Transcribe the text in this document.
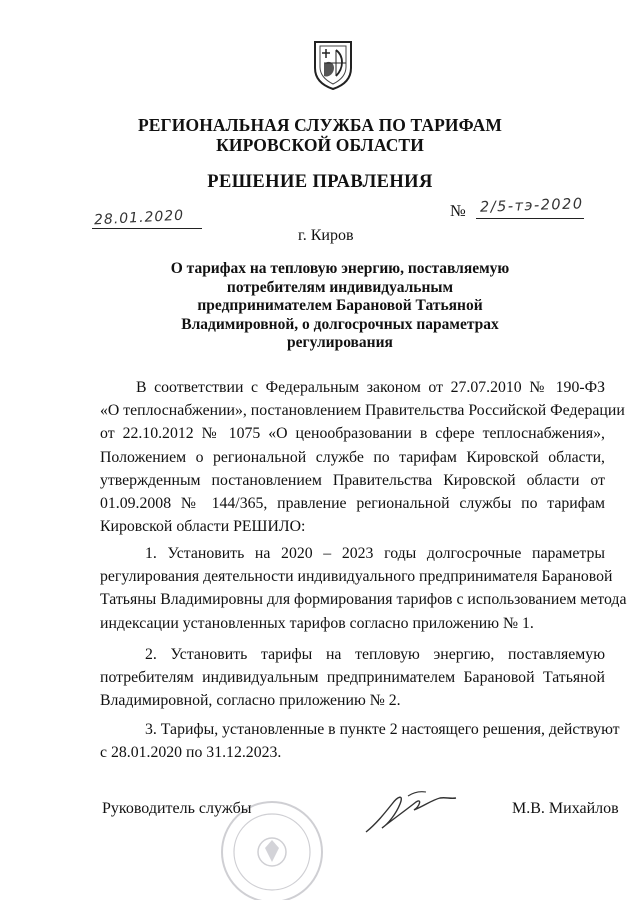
РЕГИОНАЛЬНАЯ СЛУЖБА ПО ТАРИФАМ
КИРОВСКОЙ ОБЛАСТИ
РЕШЕНИЕ ПРАВЛЕНИЯ
28.01.2020	№ 2/5-тэ-2020
г. Киров
О тарифах на тепловую энергию, поставляемую
потребителям индивидуальным
предпринимателем Барановой Татьяной
Владимировной, о долгосрочных параметрах
регулирования
В соответствии с Федеральным законом от 27.07.2010 № 190-ФЗ
«О теплоснабжении», постановлением Правительства Российской Федерации
от 22.10.2012 № 1075 «О ценообразовании в сфере теплоснабжения»,
Положением о региональной службе по тарифам Кировской области,
утвержденным постановлением Правительства Кировской области от
01.09.2008 № 144/365, правление региональной службы по тарифам
Кировской области РЕШИЛО:
1. Установить на 2020 – 2023 годы долгосрочные параметры
регулирования деятельности индивидуального предпринимателя Барановой
Татьяны Владимировны для формирования тарифов с использованием метода
индексации установленных тарифов согласно приложению № 1.
2. Установить тарифы на тепловую энергию, поставляемую
потребителям индивидуальным предпринимателем Барановой Татьяной
Владимировной, согласно приложению № 2.
3. Тарифы, установленные в пункте 2 настоящего решения, действуют
с 28.01.2020 по 31.12.2023.
Руководитель службы	М.В. Михайлов
